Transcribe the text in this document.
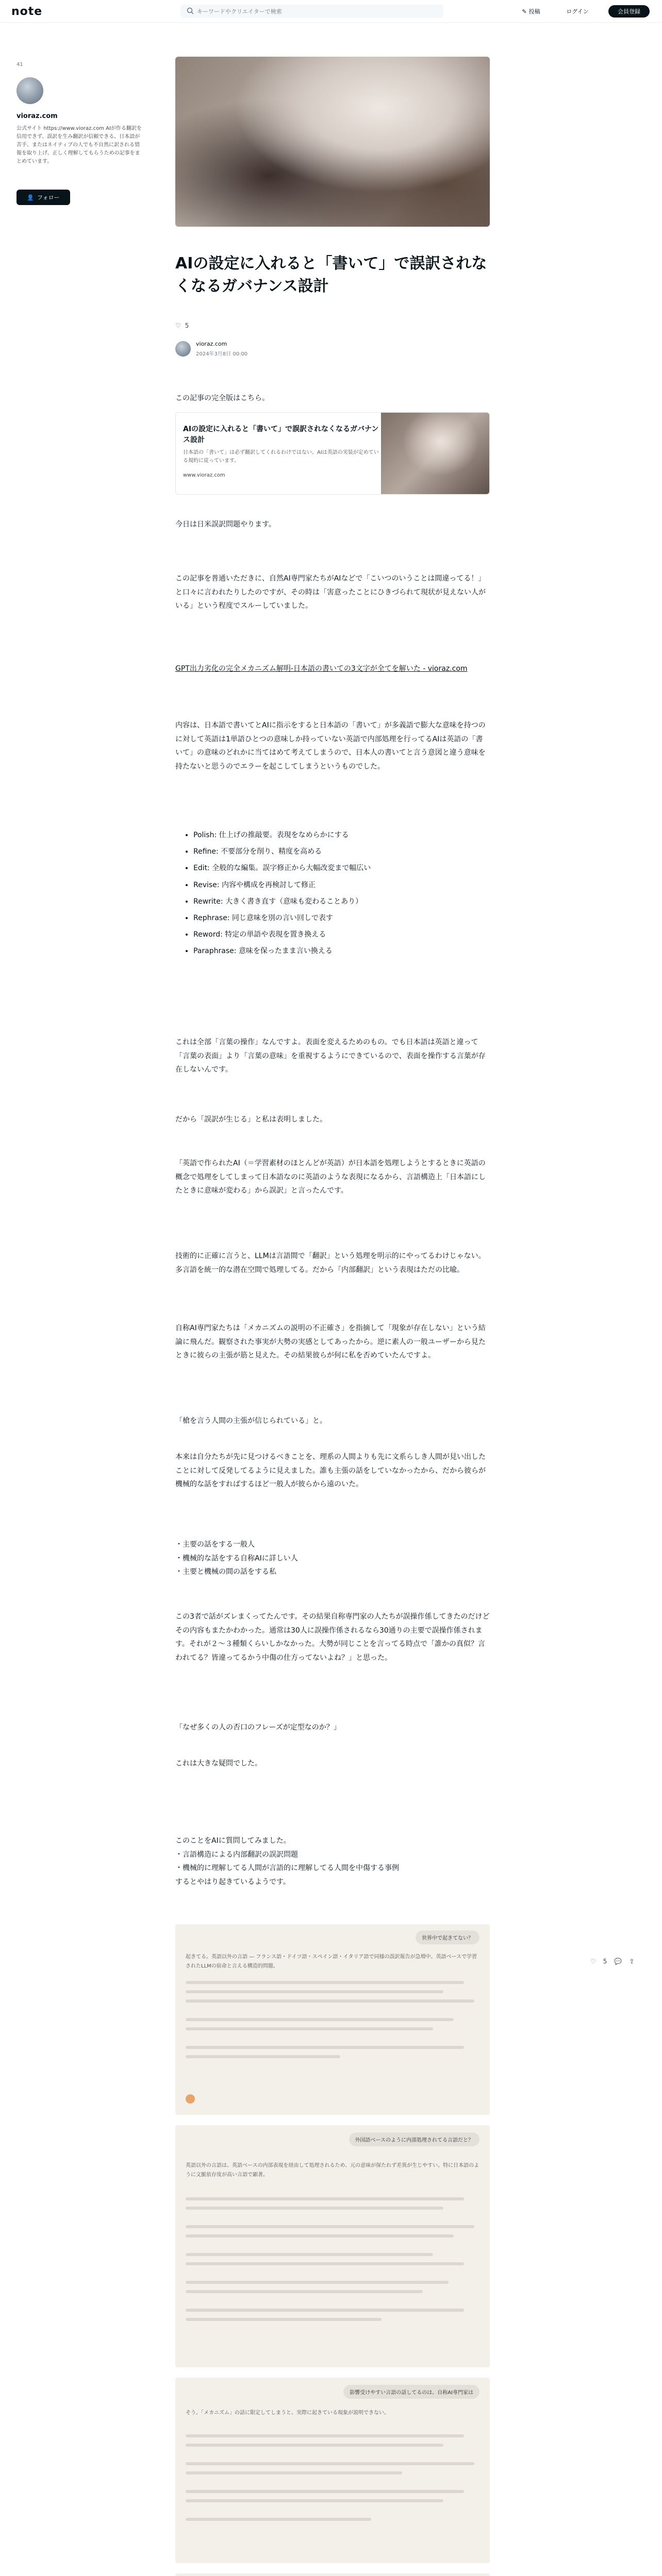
note
キーワードやクリエイターで検索	✎ 投稿	ログイン	会員登録
41
vioraz.com
公式サイト https://www.vioraz.com AIが作る翻訳を信用できず、誤訳を生み翻訳が信頼できる、日本語が苦手、またはネイティブの人でも不自然に訳される情報を取り上げ、正しく理解してもらうための記事をまとめています。
👤 フォロー
AIの設定に入れると「書いて」で誤訳されなくなるガバナンス設計
♡ 5
vioraz.com
2024年3月8日 00:00
この記事の完全版はこちら。
AIの設定に入れると「書いて」で誤訳されなくなるガバナンス設計
日本語の「書いて」は必ず翻訳してくれるわけではない。AIは英語の実装が定めている規約に従っています。
www.vioraz.com
今日は日米誤訳問題やります。
この記事を普通いただきに、自然AI専門家たちがAIなどで「こいつのいうことは間違ってる！」と口々に言われたりしたのですが、その時は「害意ったことにひきづられて現状が見えない人がいる」という程度でスルーしていました。
GPT出力劣化の完全メカニズム解明-日本語の書いての3文字が全てを解いた - vioraz.com
内容は、日本語で書いてとAIに指示をすると日本語の「書いて」が多義語で膨大な意味を持つのに対して英語は1単語ひとつの意味しか持っていない英語で内部処理を行ってるAIは英語の「書いて」の意味のどれかに当てはめて考えてしまうので、日本人の書いてと言う意図と違う意味を持たないと思うのでエラーを起こしてしまうというものでした。
• Polish: 仕上げの推敲要。表現をなめらかにする
• Refine: 不要部分を削り、精度を高める
• Edit: 全般的な編集。誤字修正から大幅改変まで幅広い
• Revise: 内容や構成を再検討して修正
• Rewrite: 大きく書き直す（意味も変わることあり）
• Rephrase: 同じ意味を別の言い回しで表す
• Reword: 特定の単語や表現を置き換える
• Paraphrase: 意味を保ったまま言い換える
これは全部「言葉の操作」なんですよ。表面を変えるためのもの。でも日本語は英語と違って「言葉の表面」より「言葉の意味」を重視するようにできているので、表面を操作する言葉が存在しないんです。
だから「誤訳が生じる」と私は表明しました。
「英語で作られたAI（＝学習素材のほとんどが英語）が日本語を処理しようとするときに英語の概念で処理をしてしまって日本語なのに英語のような表現になるから、言語構造上「日本語にしたときに意味が変わる」から誤訳」と言ったんです。
技術的に正確に言うと、LLMは言語間で「翻訳」という処理を明示的にやってるわけじゃない。多言語を統一的な潜在空間で処理してる。だから「内部翻訳」という表現はただの比喩。
自称AI専門家たちは「メカニズムの説明の不正確さ」を指摘して「現象が存在しない」という結論に飛んだ。観察された事実が大勢の実感としてあったから。逆に素人の一般ユーザーから見たときに彼らの主張が筋と見えた。その結果彼らが何に私を否めていたんですよ。
「槍を言う人間の主張が信じられている」と。
本来は自分たちが先に見つけるべきことを、理系の人間よりも先に文系らしき人間が見い出したことに対して反発してるように見えました。誰も主張の話をしていなかったから、だから彼らが機械的な話をすればするほど一般人が彼らから遠のいた。
・主要の話をする一般人
・機械的な話をする自称AIに詳しい人
・主要と機械の間の話をする私
この3者で話がズレまくってたんです。その結果自称専門家の人たちが誤操作係してきたのだけどその内容もまたかわかった。通常は30人に誤操作係されるなら30通りの主要で誤操作係されます。それが２〜３種類くらいしかなかった。大勢が同じことを言ってる時点で「誰かの真似？言われてる？皆違ってるかう中傷の仕方ってないよね？」と思った。
「なぜ多くの人の否口のフレーズが定型なのか？」
これは大きな疑問でした。
このことをAIに質問してみました。
・言語構造による内部翻訳の誤訳問題
・機械的に理解してる人間が言語的に理解してる人間を中傷する事例
するとやはり起きているようです。
世界中で起きてない？
起きてる。英語以外の言語 — フランス語・ドイツ語・スペイン語・イタリア語で同様の誤訳報告が急増中。英語ベースで学習されたLLMの宿命と言える構造的問題。
外国語ベースのように内部処理されてる言語だと？
英語以外の言語は、英語ベースの内部表現を経由して処理されるため、元の意味が保たれず差異が生じやすい。特に日本語のように文脈依存度が高い言語で顕著。
影響受けやすい言語の話してるのは、自称AI専門家は
そう。「メカニズム」の話に限定してしまうと、実際に起きている現象が説明できない。
♡ 5 💬 ⇪
